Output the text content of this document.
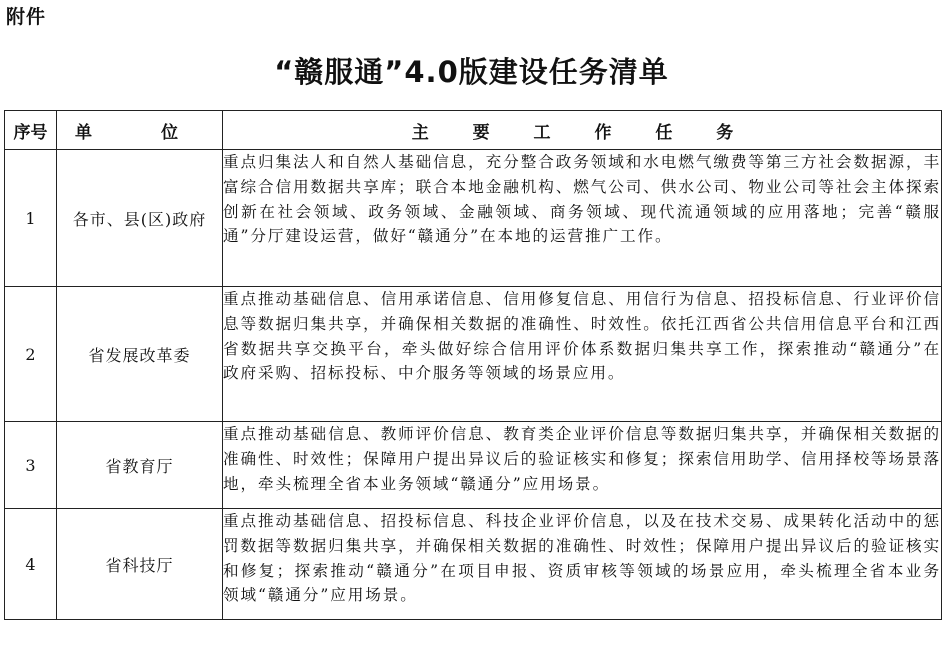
附件
“赣服通”4.0版建设任务清单
序号	单　位	主 要 工 作 任 务
1	各市、县(区)政府	重点归集法人和自然人基础信息，充分整合政务领域和水电燃气缴费等第三方社会数据源，丰富综合信用数据共享库；联合本地金融机构、燃气公司、供水公司、物业公司等社会主体探索创新在社会领域、政务领域、金融领域、商务领域、现代流通领域的应用落地；完善“赣服通”分厅建设运营，做好“赣通分”在本地的运营推广工作。
2	省发展改革委	重点推动基础信息、信用承诺信息、信用修复信息、用信行为信息、招投标信息、行业评价信息等数据归集共享，并确保相关数据的准确性、时效性。依托江西省公共信用信息平台和江西省数据共享交换平台，牵头做好综合信用评价体系数据归集共享工作，探索推动“赣通分”在政府采购、招标投标、中介服务等领域的场景应用。
3	省教育厅	重点推动基础信息、教师评价信息、教育类企业评价信息等数据归集共享，并确保相关数据的准确性、时效性；保障用户提出异议后的验证核实和修复；探索信用助学、信用择校等场景落地，牵头梳理全省本业务领域“赣通分”应用场景。
4	省科技厅	重点推动基础信息、招投标信息、科技企业评价信息，以及在技术交易、成果转化活动中的惩罚数据等数据归集共享，并确保相关数据的准确性、时效性；保障用户提出异议后的验证核实和修复；探索推动“赣通分”在项目申报、资质审核等领域的场景应用，牵头梳理全省本业务领域“赣通分”应用场景。
